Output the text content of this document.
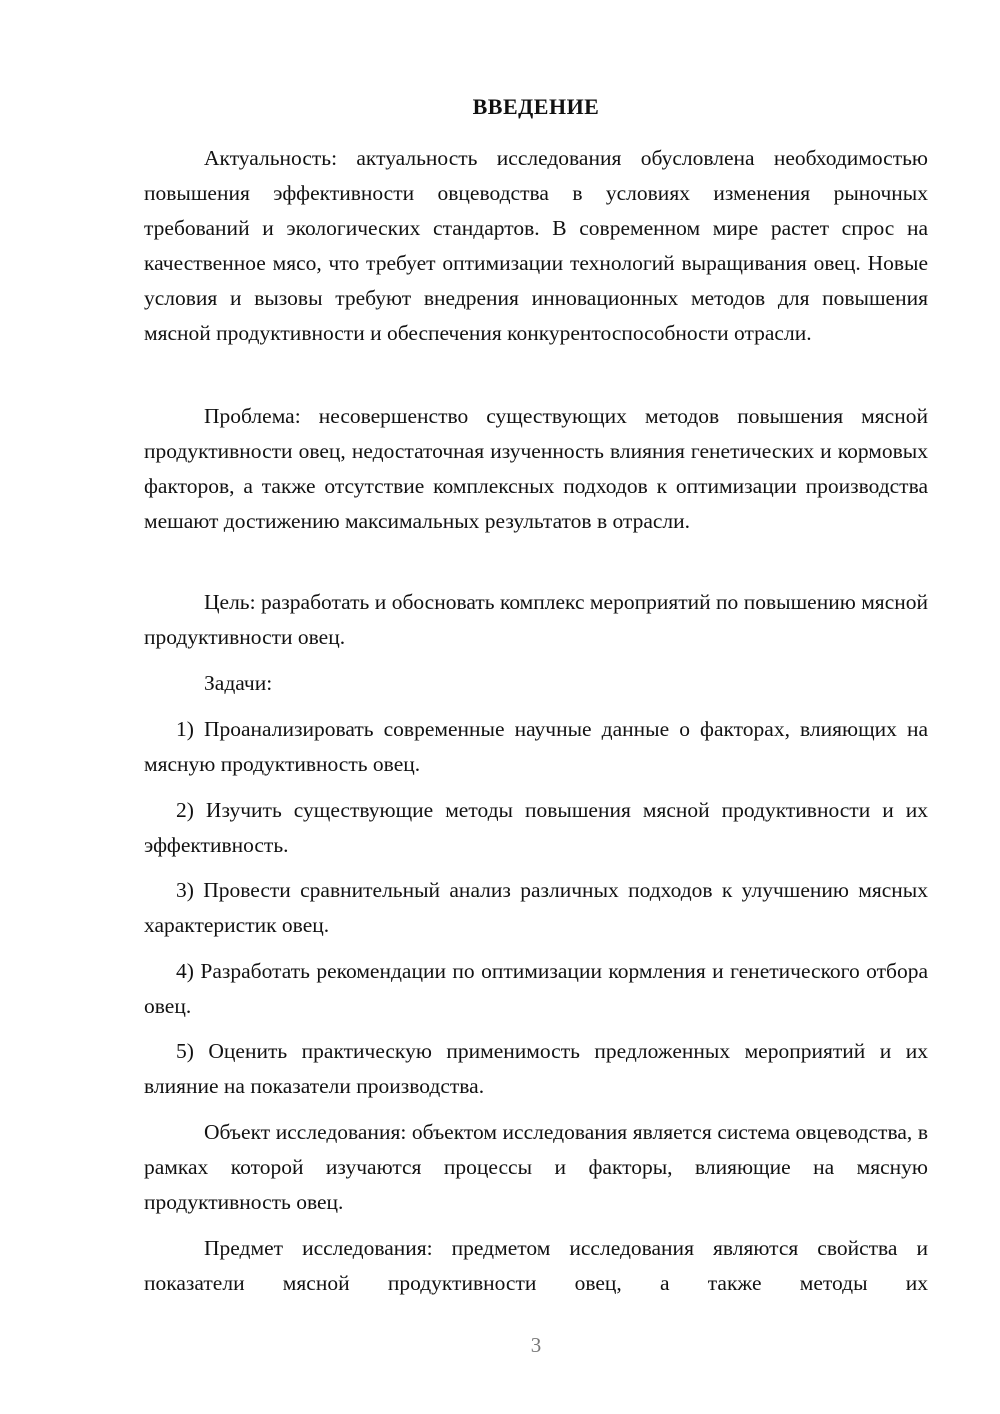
ВВЕДЕНИЕ

Актуальность: актуальность исследования обусловлена необходимостью повышения эффективности овцеводства в условиях изменения рыночных требований и экологических стандартов. В современном мире растет спрос на качественное мясо, что требует оптимизации технологий выращивания овец. Новые условия и вызовы требуют внедрения инновационных методов для повышения мясной продуктивности и обеспечения конкурентоспособности отрасли.

Проблема: несовершенство существующих методов повышения мясной продуктивности овец, недостаточная изученность влияния генетических и кормовых факторов, а также отсутствие комплексных подходов к оптимизации производства мешают достижению максимальных результатов в отрасли.

Цель: разработать и обосновать комплекс мероприятий по повышению мясной продуктивности овец.

Задачи:

1) Проанализировать современные научные данные о факторах, влияющих на мясную продуктивность овец.

2) Изучить существующие методы повышения мясной продуктивности и их эффективность.

3) Провести сравнительный анализ различных подходов к улучшению мясных характеристик овец.

4) Разработать рекомендации по оптимизации кормления и генетического отбора овец.

5) Оценить практическую применимость предложенных мероприятий и их влияние на показатели производства.

Объект исследования: объектом исследования является система овцеводства, в рамках которой изучаются процессы и факторы, влияющие на мясную продуктивность овец.

Предмет исследования: предметом исследования являются свойства и показатели мясной продуктивности овец, а также методы их

3
